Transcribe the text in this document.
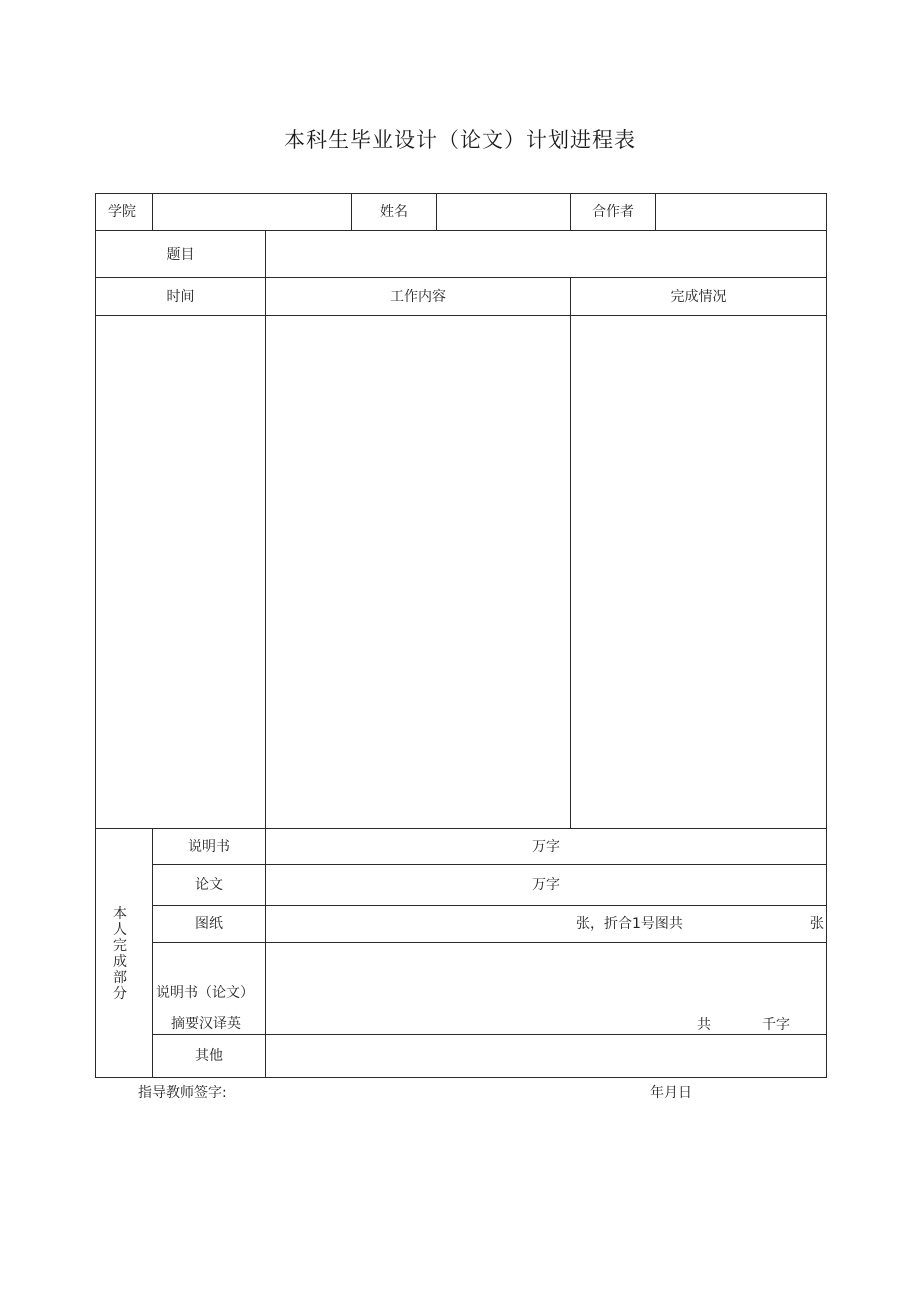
本科生毕业设计（论文）计划进程表
学院	姓名	合作者
题目
时间	工作内容	完成情况
本人完成部分
说明书	万字
论文	万字
图纸	张，折合1号图共	张
说明书（论文）
摘要汉译英	共	千字
其他
指导教师签字:	年月日
